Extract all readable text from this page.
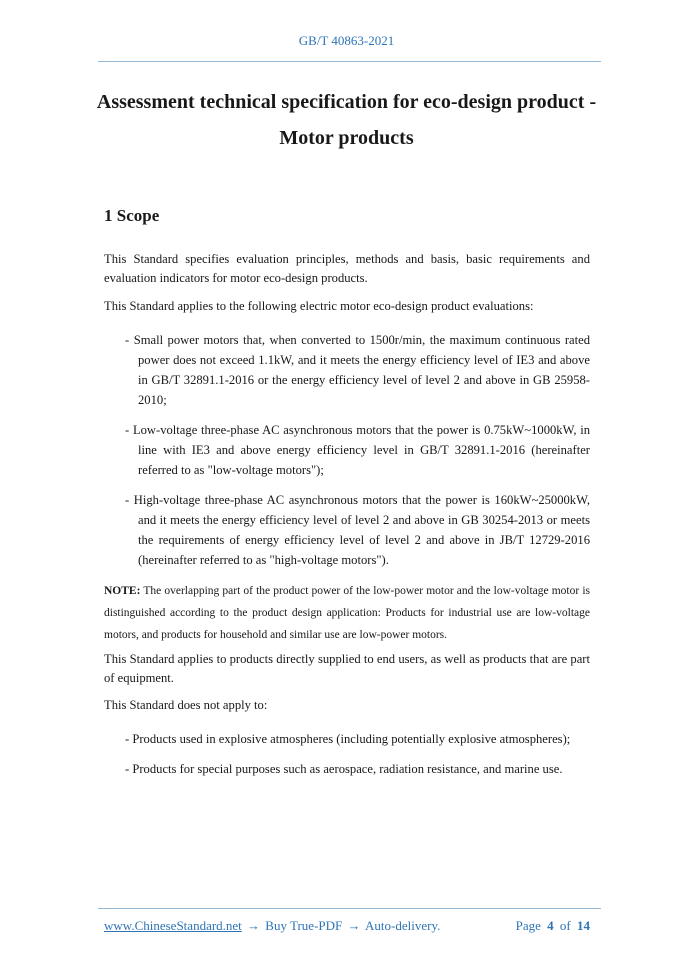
GB/T 40863-2021
Assessment technical specification for eco-design product -
Motor products
1 Scope

This Standard specifies evaluation principles, methods and basis, basic requirements and evaluation indicators for motor eco-design products.

This Standard applies to the following electric motor eco-design product evaluations:

- Small power motors that, when converted to 1500r/min, the maximum continuous rated power does not exceed 1.1kW, and it meets the energy efficiency level of IE3 and above in GB/T 32891.1-2016 or the energy efficiency level of level 2 and above in GB 25958-2010;
- Low-voltage three-phase AC asynchronous motors that the power is 0.75kW~1000kW, in line with IE3 and above energy efficiency level in GB/T 32891.1-2016 (hereinafter referred to as "low-voltage motors");
- High-voltage three-phase AC asynchronous motors that the power is 160kW~25000kW, and it meets the energy efficiency level of level 2 and above in GB 30254-2013 or meets the requirements of energy efficiency level of level 2 and above in JB/T 12729-2016 (hereinafter referred to as "high-voltage motors").

NOTE: The overlapping part of the product power of the low-power motor and the low-voltage motor is distinguished according to the product design application: Products for industrial use are low-voltage motors, and products for household and similar use are low-power motors.

This Standard applies to products directly supplied to end users, as well as products that are part of equipment.

This Standard does not apply to:

- Products used in explosive atmospheres (including potentially explosive atmospheres);
- Products for special purposes such as aerospace, radiation resistance, and marine use.
www.ChineseStandard.net → Buy True-PDF → Auto-delivery.	Page 4 of 14
